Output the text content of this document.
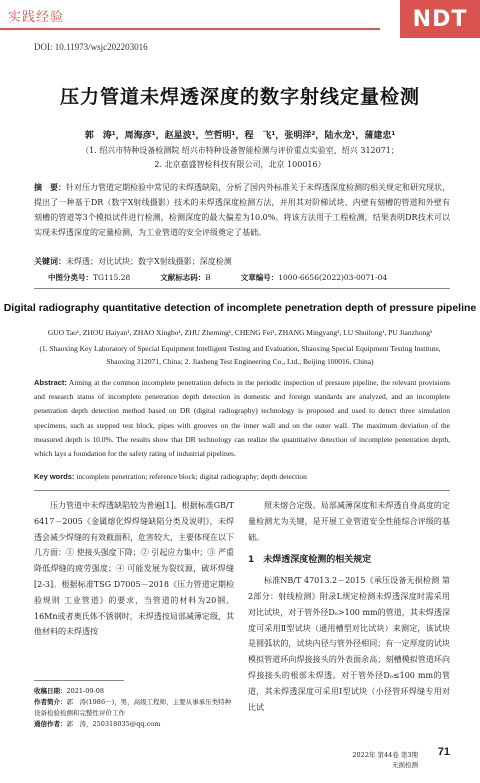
实践经验	NDT
DOI: 10.11973/wsjc202203016
压力管道未焊透深度的数字射线定量检测
郭　涛¹，周海彦¹，赵星波¹，竺哲明¹，程　飞¹，张明洋²，陆水龙¹，蒲建忠¹
（1. 绍兴市特种设备检测院 绍兴市特种设备智能检测与评价重点实验室，绍兴 312071；
2. 北京嘉盛智检科技有限公司，北京 100016）
摘　要：针对压力管道定期检验中常见的未焊透缺陷，分析了国内外标准关于未焊透深度检测的相关规定和研究现状，提出了一种基于DR（数字X射线摄影）技术的未焊透深度检测方法，并用其对阶梯试块、内壁有刻槽的管道和外壁有刻槽的管道等3个模拟试件进行检测，检测深度的最大偏差为10.0%。将该方法用于工程检测，结果表明DR技术可以实现未焊透深度的定量检测，为工业管道的安全评级奠定了基础。
关键词：未焊透；对比试块；数字X射线摄影；深度检测
中图分类号：TG115.28	文献标志码：B	文章编号：1000-6656(2022)03-0071-04
Digital radiography quantitative detection of incomplete penetration depth of pressure pipeline
GUO Tao¹, ZHOU Haiyan¹, ZHAO Xingbo¹, ZHU Zheming¹, CHENG Fei¹, ZHANG Mingyang², LU Shuilong¹, PU Jianzhong¹
(1. Shaoxing Key Laboratory of Special Equipment Intelligent Testing and Evaluation, Shaoxing Special Equipment Testing Institute, Shaoxing 312071, China; 2. Jiasheng Test Engineering Co., Ltd., Beijing 100016, China)
Abstract: Aiming at the common incomplete penetration defects in the periodic inspection of pressure pipeline, the relevant provisions and research status of incomplete penetration depth detection in domestic and foreign standards are analyzed, and an incomplete penetration depth detection method based on DR (digital radiography) technology is proposed and used to detect three simulation specimens, such as stepped test block, pipes with grooves on the inner wall and on the outer wall. The maximum deviation of the measured depth is 10.0%. The results show that DR technology can realize the quantitative detection of incomplete penetration depth, which lays a foundation for the safety rating of industrial pipelines.
Key words: incomplete penetration; reference block; digital radiography; depth detection

压力管道中未焊透缺陷较为普遍[1]。根据标准GB/T 6417－2005《金属熔化焊焊缝缺陷分类及说明》，未焊透会减少焊缝的有效截面积，危害较大，主要体现在以下几方面：① 使接头强度下降；② 引起应力集中；③ 严重降低焊缝的疲劳强度；④ 可能发展为裂纹源，破坏焊缝[2-3]。根据标准TSG D7005－2018《压力管道定期检验规则 工业管道》的要求，当管道的材料为20钢、16Mn或者奥氏体不锈钢时，未焊透按局部减薄定级，其他材料的未焊透按

照未熔合定级。局部减薄深度和未焊透自身高度的定量检测尤为关键，是开展工业管道安全性能综合评级的基础。

1　未焊透深度检测的相关规定

标准NB/T 47013.2－2015《承压设备无损检测 第2部分：射线检测》附录L规定检测未焊透深度时需采用对比试块，对于管外径Dₒ>100 mm的管道，其未焊透深度可采用Ⅱ型试块（通用槽型对比试块）来测定，该试块是圆弧状的，试块内径与管外径相同；有一定厚度的试块模拟管道环向焊接接头的外表面余高；刻槽模拟管道环向焊接接头的根部未焊透。对于管外径Dₒ≤100 mm的管道，其未焊透深度可采用Ⅰ型试块（小径管环焊缝专用对比试

收稿日期：2021-09-08
作者简介：郭　涛(1986－)，男，高级工程师，主要从事承压类特种设备检验检测和完整性评价工作
通信作者：郭　涛，250318035@qq.com
2022年 第44卷 第3期
无损检测
71
